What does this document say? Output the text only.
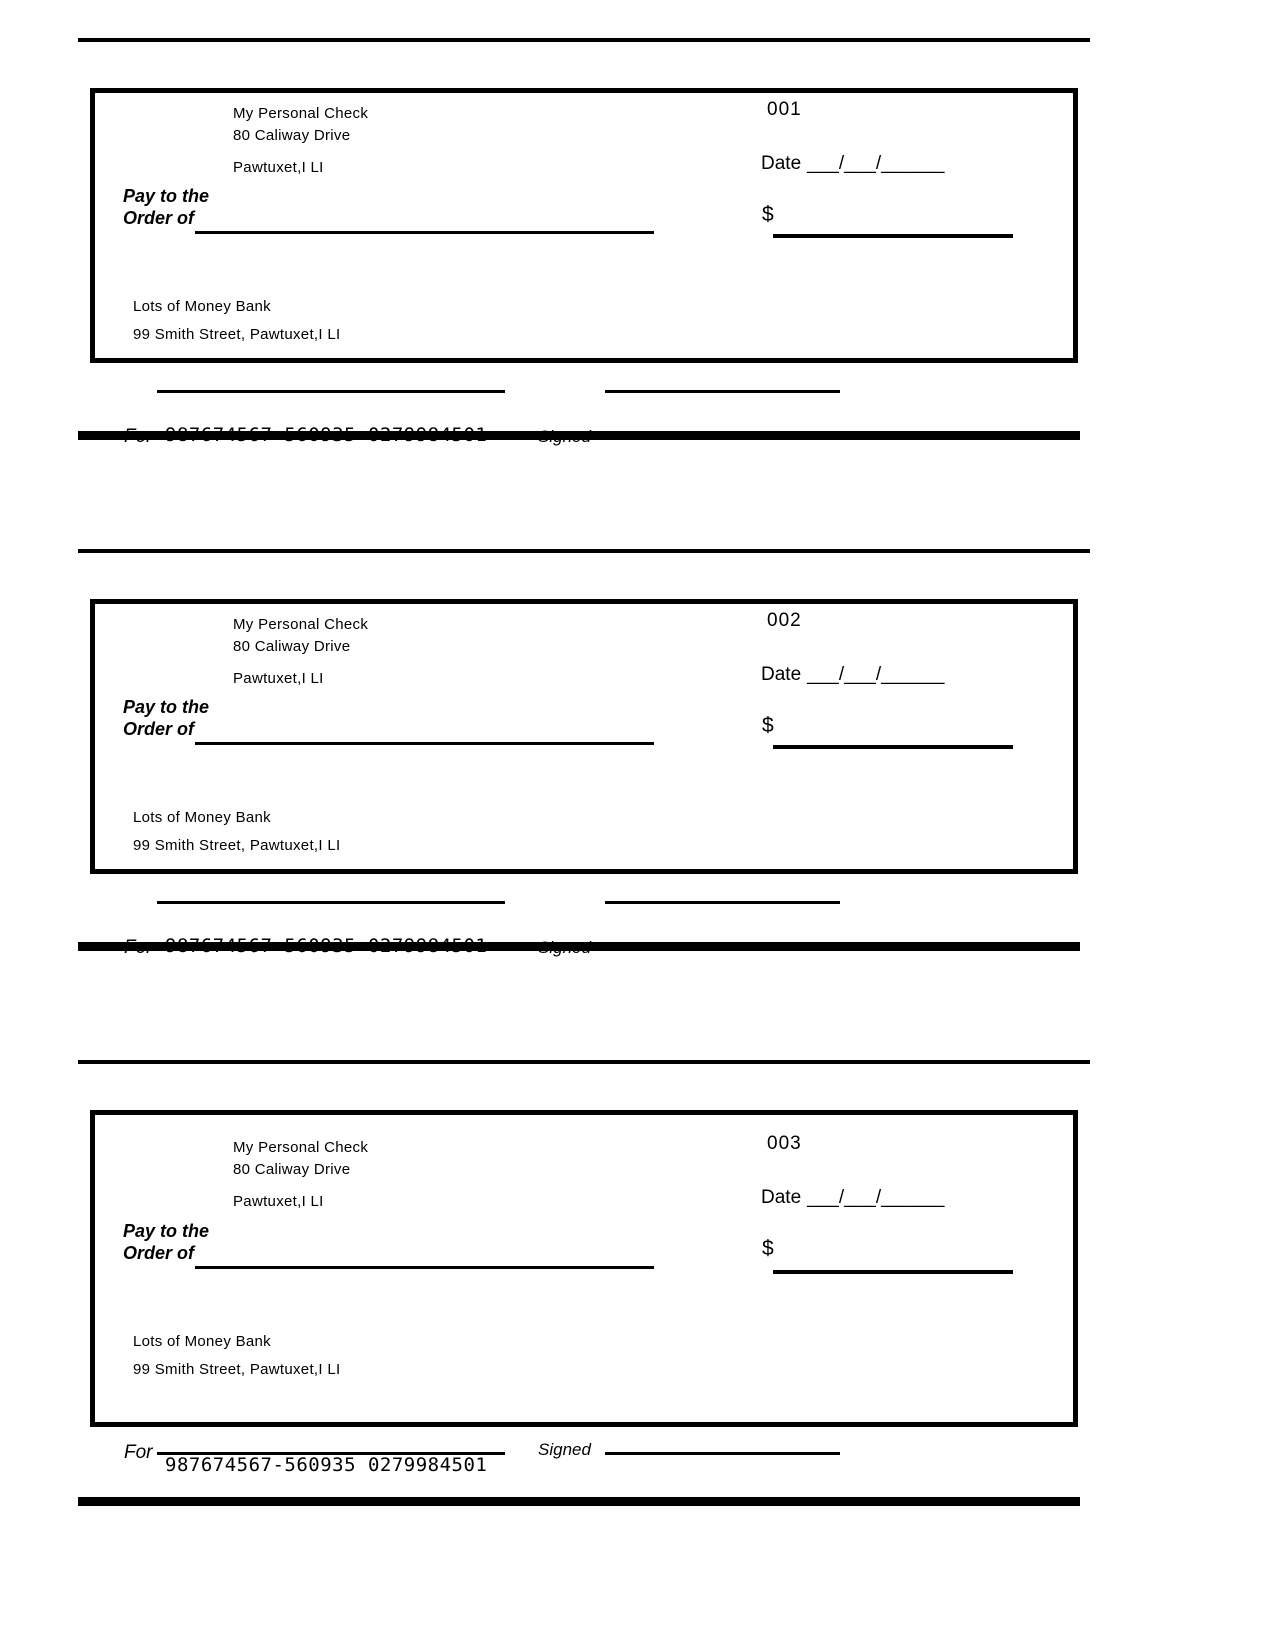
My Personal Check
80 Caliway Drive
Pawtuxet,I LI
001
Date ___/___/______
Pay to the
Order of	$
Lots of Money Bank
99 Smith Street, Pawtuxet,I LI
My Personal Check
80 Caliway Drive
Pawtuxet,I LI
002
Date ___/___/______
Pay to the
Order of	$
Lots of Money Bank
99 Smith Street, Pawtuxet,I LI
My Personal Check
80 Caliway Drive
Pawtuxet,I LI
003
Date ___/___/______
Pay to the
Order of	$
Lots of Money Bank
99 Smith Street, Pawtuxet,I LI
For
987674567-560935 0279984501
Signed
